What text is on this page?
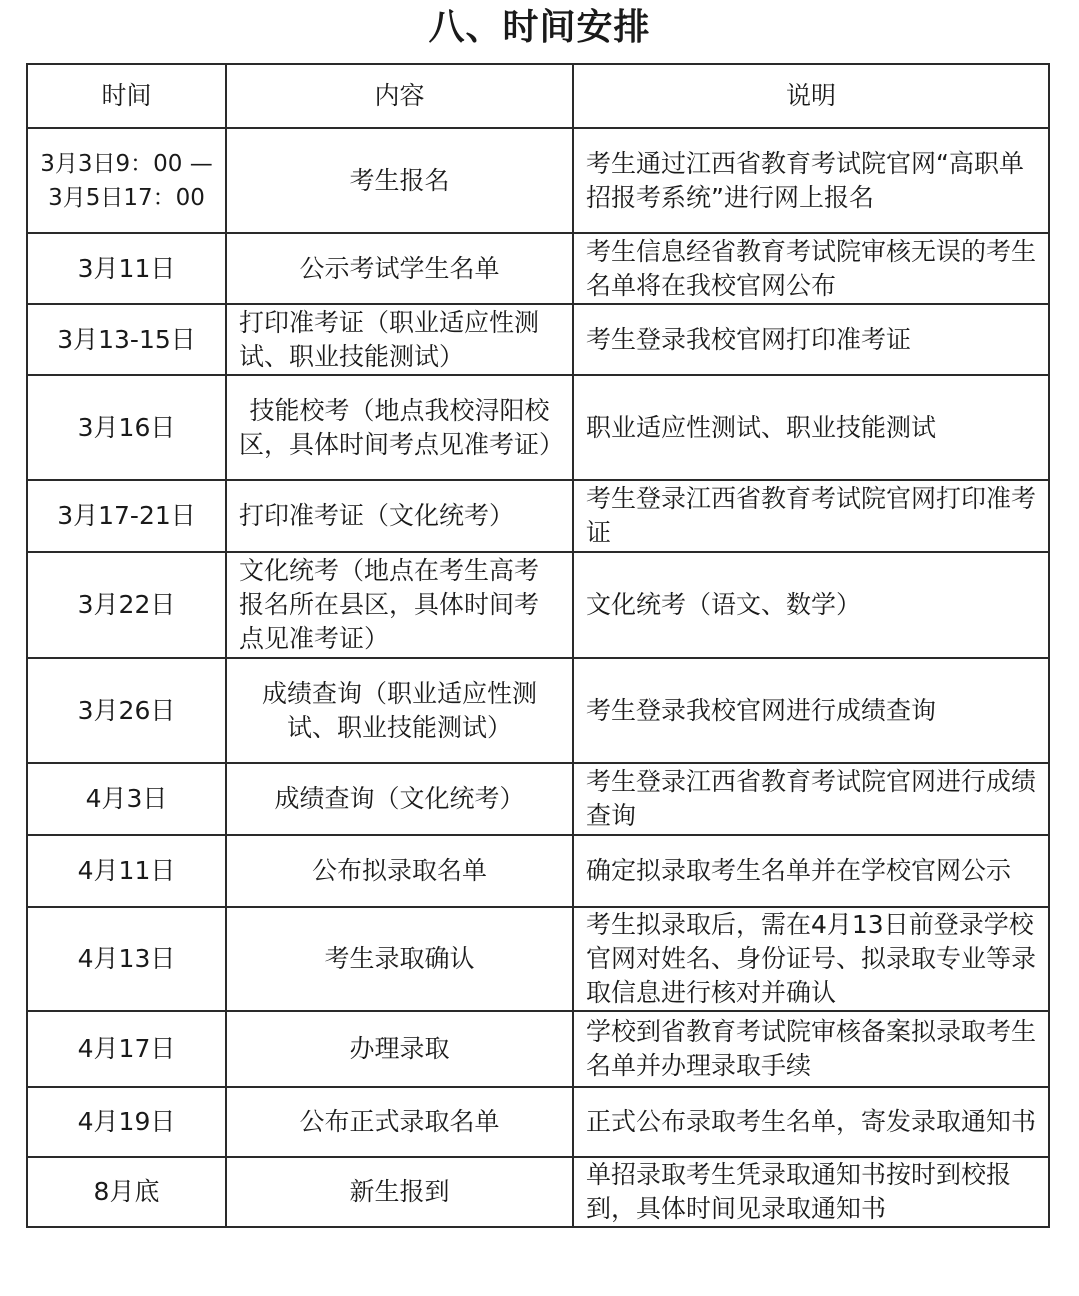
八、时间安排
时间	内容	说明
3月3日9：00 — 3月5日17：00	考生报名	考生通过江西省教育考试院官网“高职单招报考系统”进行网上报名
3月11日	公示考试学生名单	考生信息经省教育考试院审核无误的考生名单将在我校官网公布
3月13-15日	打印准考证（职业适应性测试、职业技能测试）	考生登录我校官网打印准考证
3月16日	技能校考（地点我校浔阳校区，具体时间考点见准考证）	职业适应性测试、职业技能测试
3月17-21日	打印准考证（文化统考）	考生登录江西省教育考试院官网打印准考证
3月22日	文化统考（地点在考生高考报名所在县区，具体时间考点见准考证）	文化统考（语文、数学）
3月26日	成绩查询（职业适应性测试、职业技能测试）	考生登录我校官网进行成绩查询
4月3日	成绩查询（文化统考）	考生登录江西省教育考试院官网进行成绩查询
4月11日	公布拟录取名单	确定拟录取考生名单并在学校官网公示
4月13日	考生录取确认	考生拟录取后，需在4月13日前登录学校官网对姓名、身份证号、拟录取专业等录取信息进行核对并确认
4月17日	办理录取	学校到省教育考试院审核备案拟录取考生名单并办理录取手续
4月19日	公布正式录取名单	正式公布录取考生名单，寄发录取通知书
8月底	新生报到	单招录取考生凭录取通知书按时到校报到，具体时间见录取通知书
